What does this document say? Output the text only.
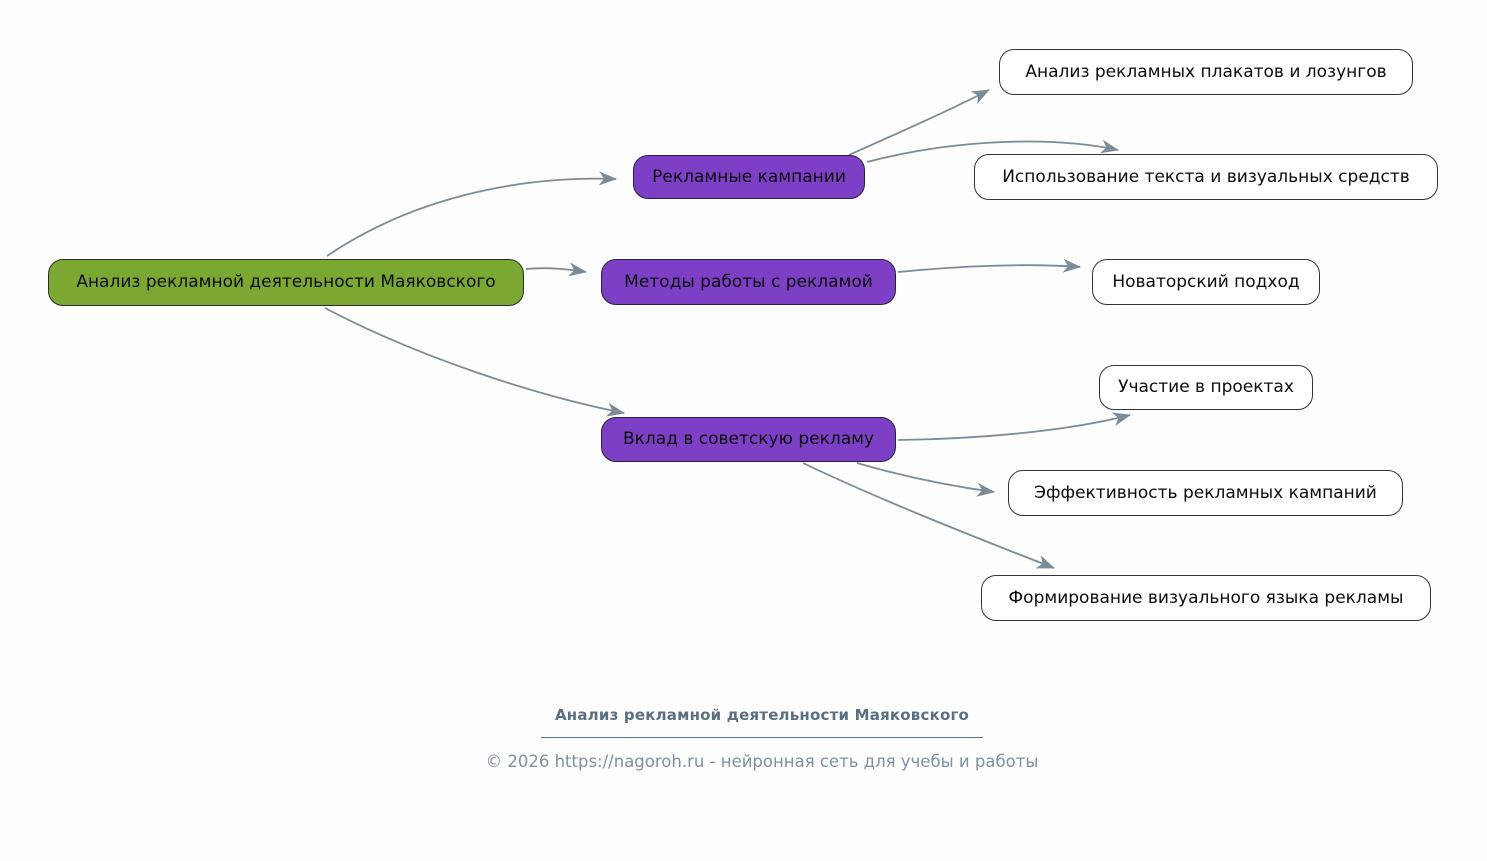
Анализ рекламной деятельности Маяковского
Рекламные кампании
Методы работы с рекламой
Вклад в советскую рекламу
Анализ рекламных плакатов и лозунгов
Использование текста и визуальных средств
Новаторский подход
Участие в проектах
Эффективность рекламных кампаний
Формирование визуального языка рекламы
Анализ рекламной деятельности Маяковского
© 2026 https://nagoroh.ru - нейронная сеть для учебы и работы
